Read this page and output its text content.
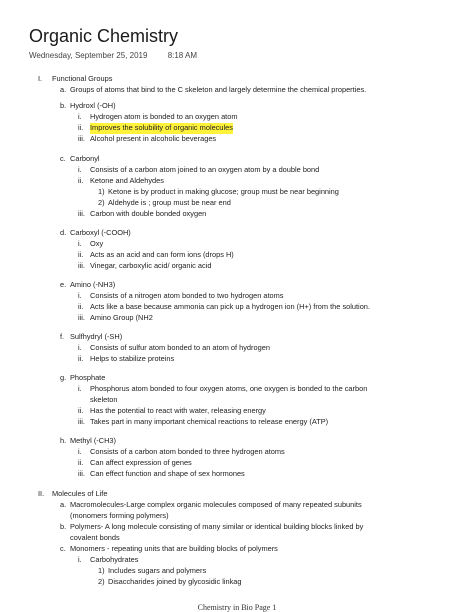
Organic Chemistry
Wednesday, September 25, 2019	8:18 AM
I. Functional Groups
a. Groups of atoms that bind to the C skeleton and largely determine the chemical properties.
b. Hydroxl (-OH)
i. Hydrogen atom is bonded to an oxygen atom
ii. Improves the solubility of organic molecules
iii. Alcohol present in alcoholic beverages
c. Carbonyl
i. Consists of a carbon atom joined to an oxygen atom by a double bond
ii. Ketone and Aldehydes
1) Ketone is by product in making glucose; group must be near beginning
2) Aldehyde is ; group must be near end
iii. Carbon with double bonded oxygen
d. Carboxyl (-COOH)
i. Oxy
ii. Acts as an acid and can form ions (drops H)
iii. Vinegar, carboxylic acid/ organic acid
e. Amino (-NH3)
i. Consists of a nitrogen atom bonded to two hydrogen atoms
ii. Acts like a base because ammonia can pick up a hydrogen ion (H+) from the solution.
iii. Amino Group (NH2
f. Sulfhydryl (-SH)
i. Consists of sulfur atom bonded to an atom of hydrogen
ii. Helps to stabilize proteins
g. Phosphate
i. Phosphorus atom bonded to four oxygen atoms, one oxygen is bonded to the carbon
skeleton
ii. Has the potential to react with water, releasing energy
iii. Takes part in many important chemical reactions to release energy (ATP)
h. Methyl (-CH3)
i. Consists of a carbon atom bonded to three hydrogen atoms
ii. Can affect expression of genes
iii. Can effect function and shape of sex hormones
II. Molecules of Life
a. Macromolecules-Large complex organic molecules composed of many repeated subunits
(monomers forming polymers)
b. Polymers- A long molecule consisting of many similar or identical building blocks linked by
covalent bonds
c. Monomers - repeating units that are building blocks of polymers
i. Carbohydrates
1) Includes sugars and polymers
2) Disaccharides joined by glycosidic linkag
Chemistry in Bio Page 1
